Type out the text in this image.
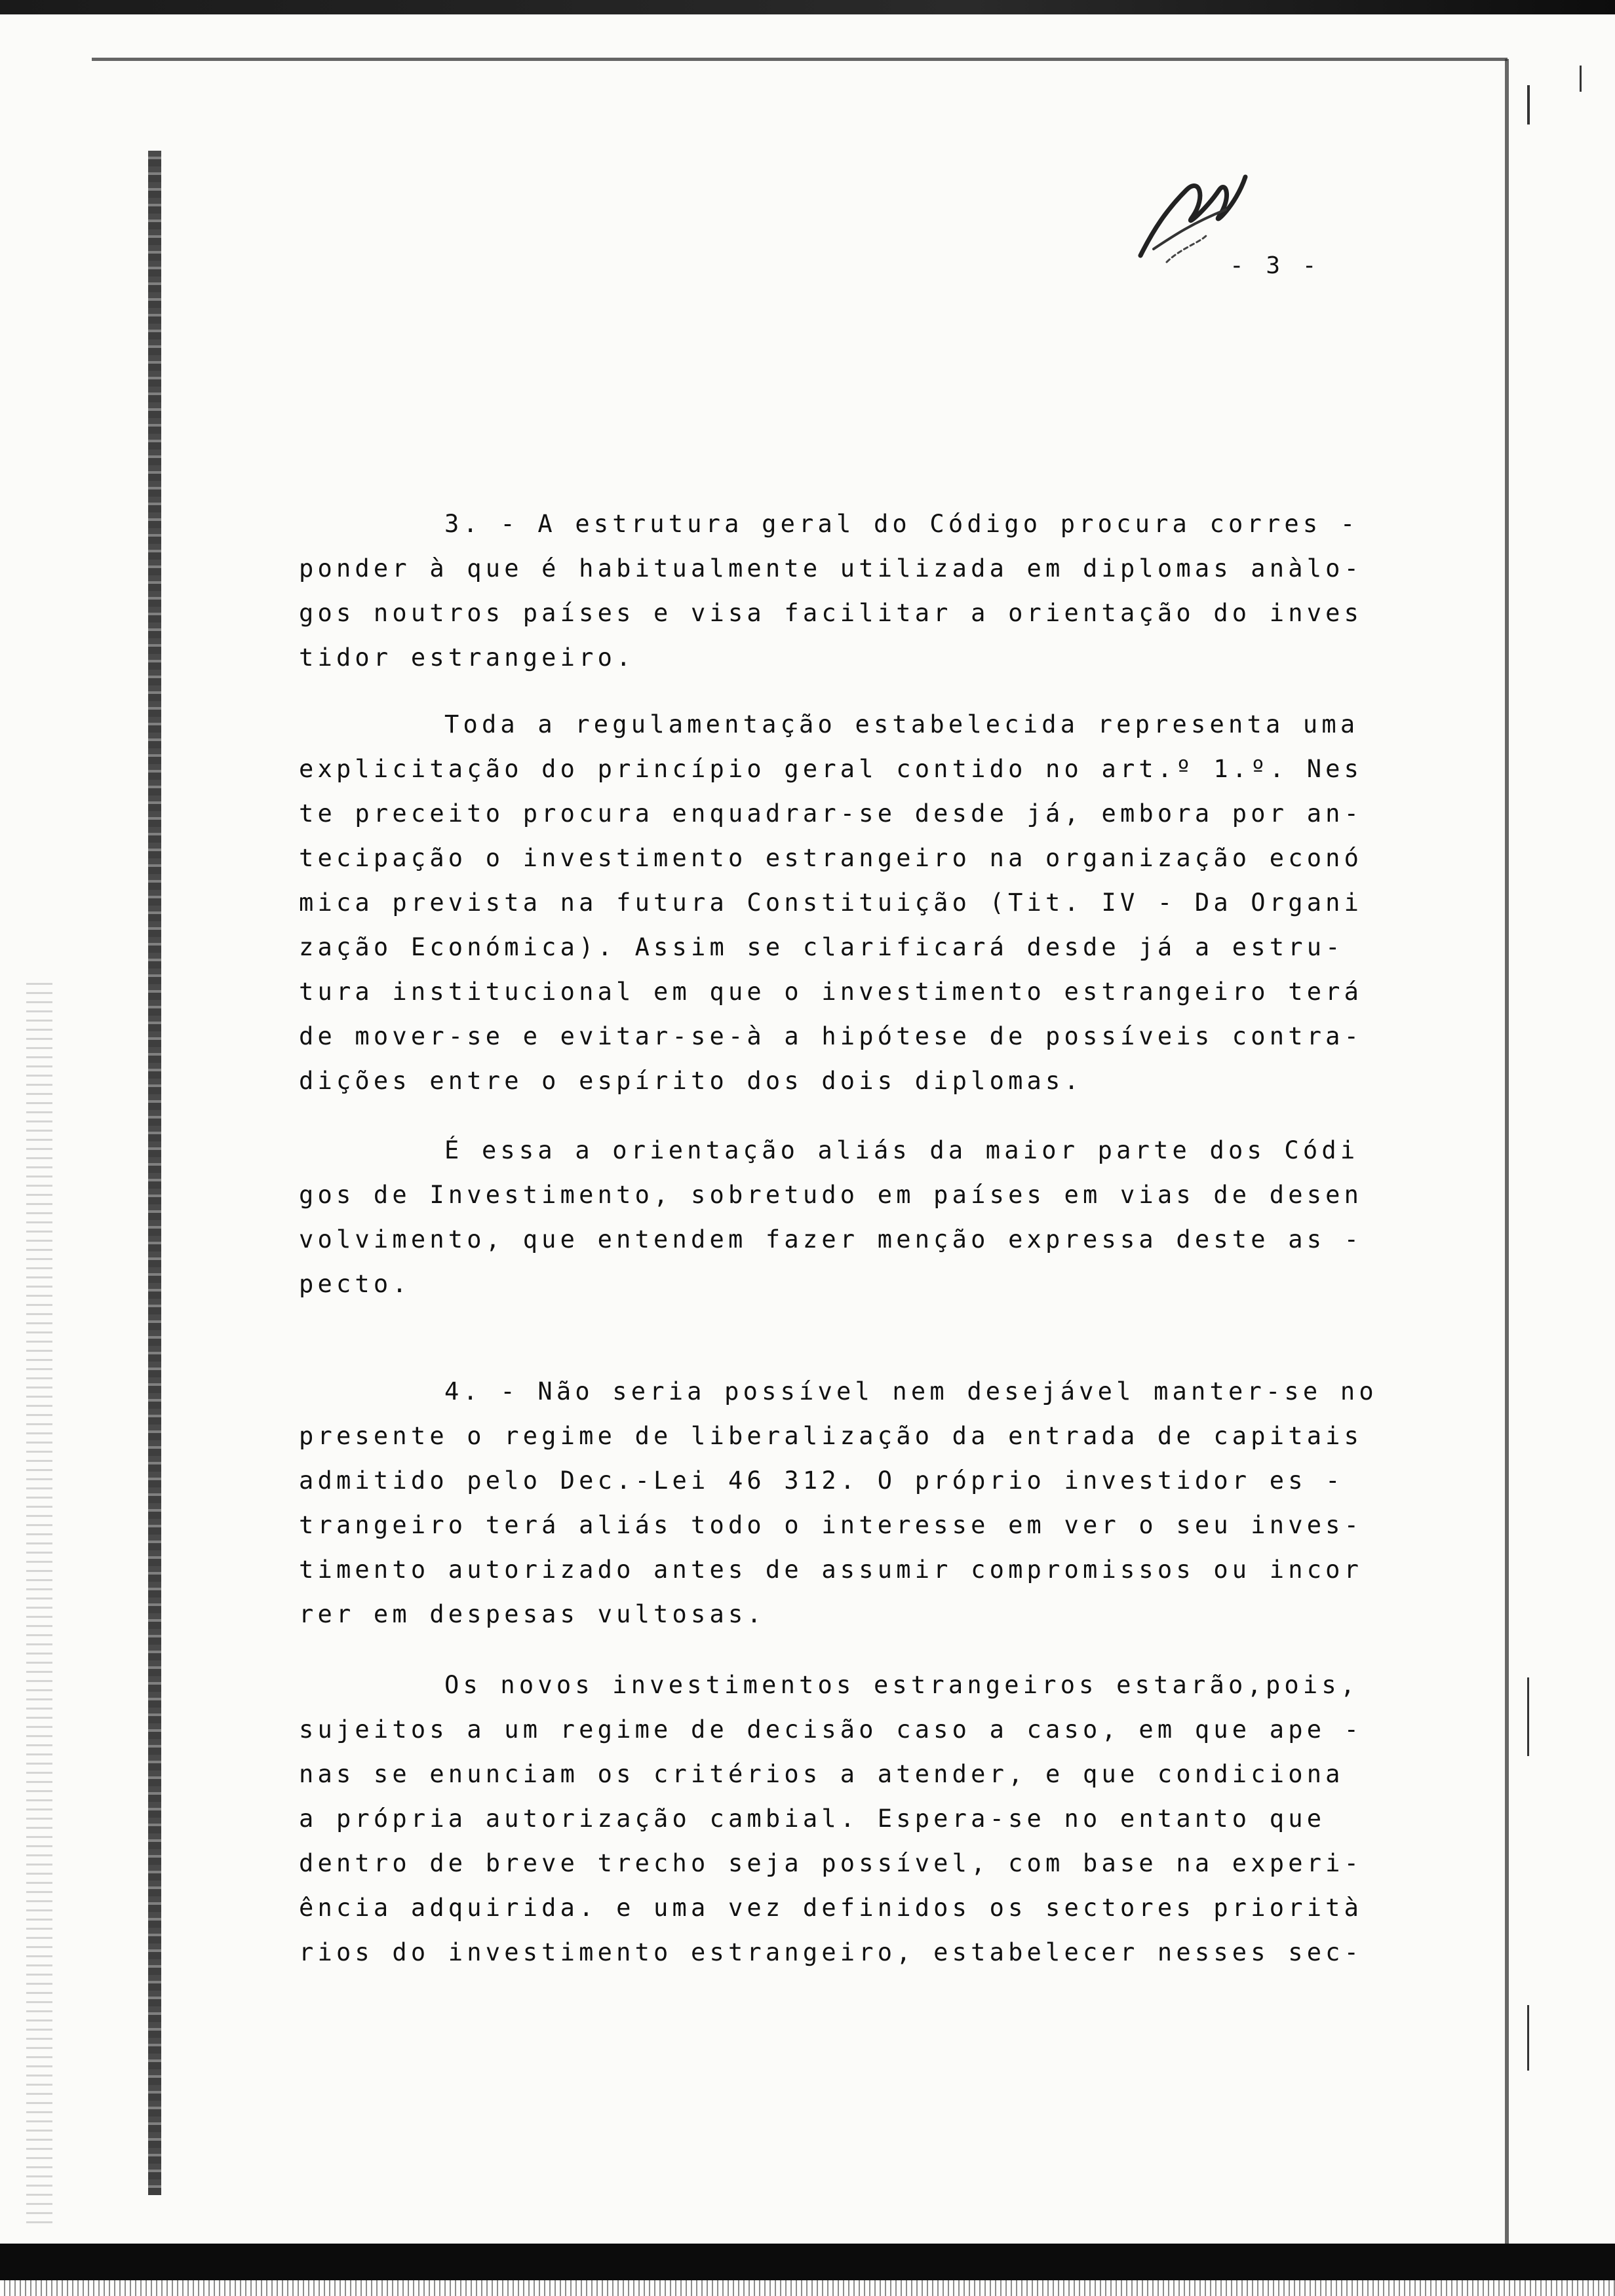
- 3 -
3. - A estrutura geral do Código procura corres -
ponder à que é habitualmente utilizada em diplomas anàlo-
gos noutros países e visa facilitar a orientação do inves
tidor estrangeiro.
Toda a regulamentação estabelecida representa uma
explicitação do princípio geral contido no art.º 1.º. Nes
te preceito procura enquadrar-se desde já, embora por an-
tecipação o investimento estrangeiro na organização econó
mica prevista na futura Constituição (Tit. IV - Da Organi
zação Económica). Assim se clarificará desde já a estru-
tura institucional em que o investimento estrangeiro terá
de mover-se e evitar-se-à a hipótese de possíveis contra-
dições entre o espírito dos dois diplomas.
É essa a orientação aliás da maior parte dos Códi
gos de Investimento, sobretudo em países em vias de desen
volvimento, que entendem fazer menção expressa deste as -
pecto.
4. - Não seria possível nem desejável manter-se no
presente o regime de liberalização da entrada de capitais
admitido pelo Dec.-Lei 46 312. O próprio investidor es -
trangeiro terá aliás todo o interesse em ver o seu inves-
timento autorizado antes de assumir compromissos ou incor
rer em despesas vultosas.
Os novos investimentos estrangeiros estarão,pois,
sujeitos a um regime de decisão caso a caso, em que ape -
nas se enunciam os critérios a atender, e que condiciona
a própria autorização cambial. Espera-se no entanto que
dentro de breve trecho seja possível, com base na experi-
ência adquirida. e uma vez definidos os sectores priorità
rios do investimento estrangeiro, estabelecer nesses sec-
